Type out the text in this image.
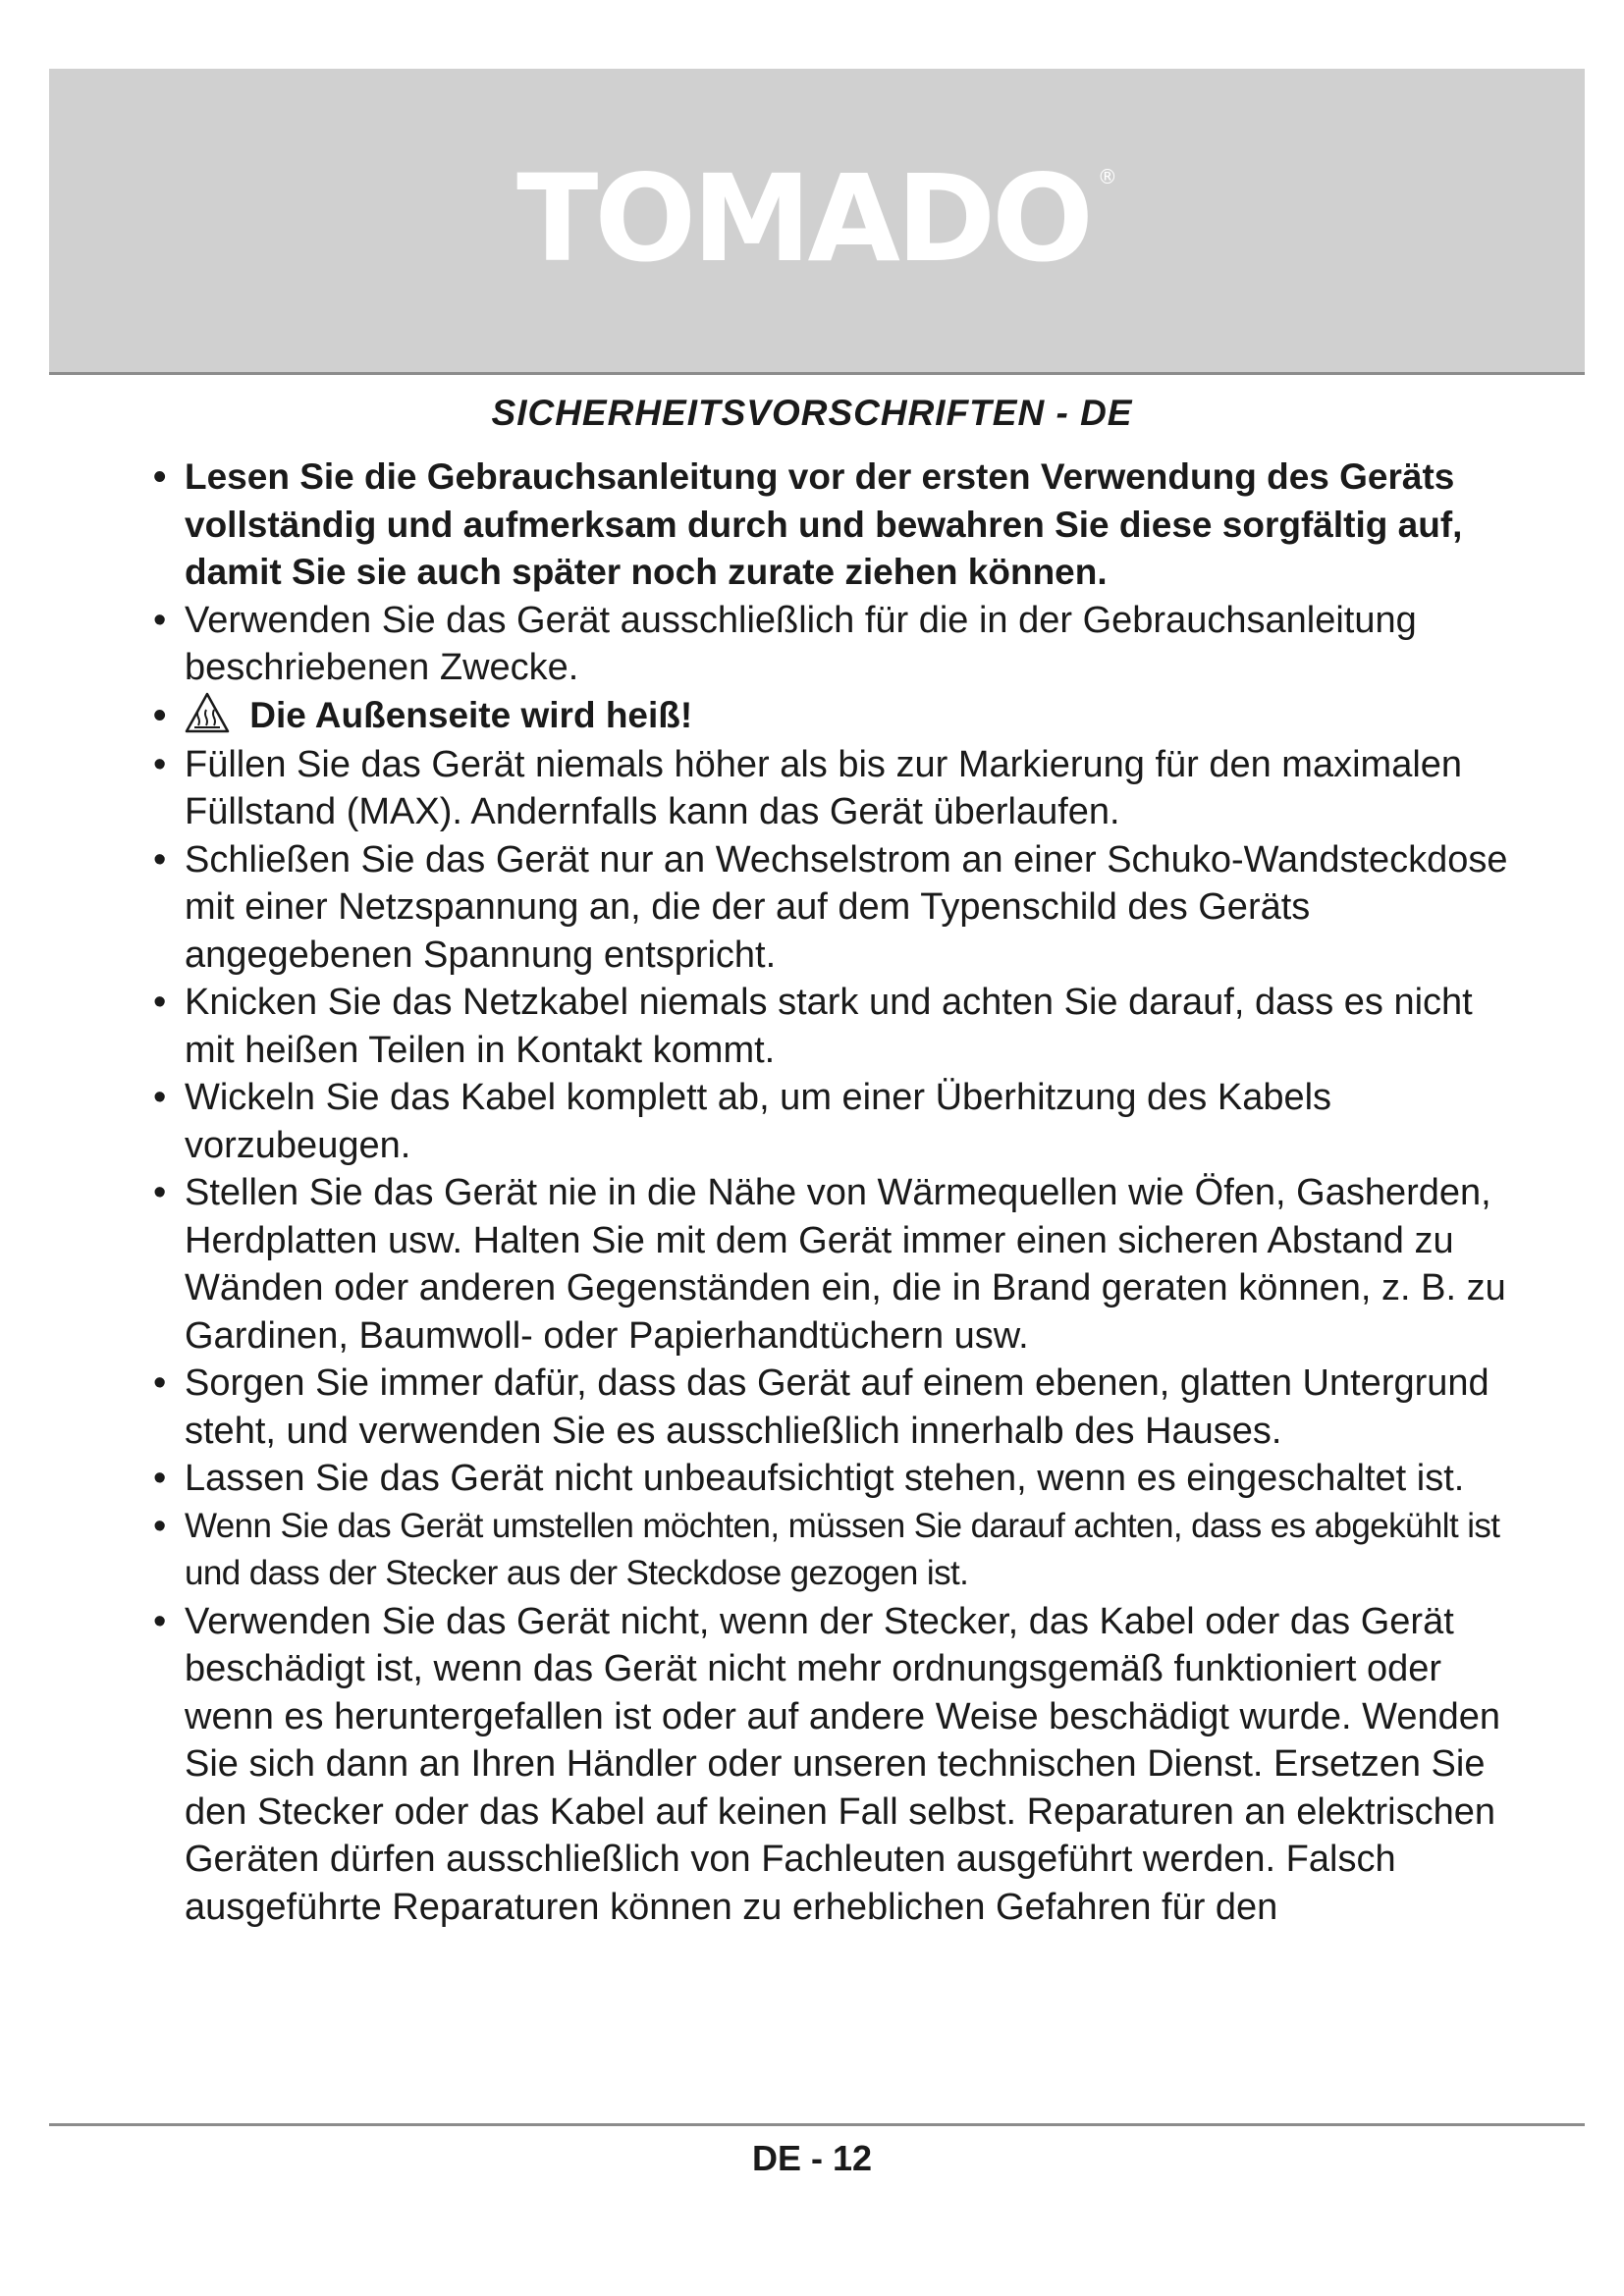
TOMADO ®
SICHERHEITSVORSCHRIFTEN - DE
• Lesen Sie die Gebrauchsanleitung vor der ersten Verwendung des Geräts vollständig und aufmerksam durch und bewahren Sie diese sorgfältig auf, damit Sie sie auch später noch zurate ziehen können.
• Verwenden Sie das Gerät ausschließlich für die in der Gebrauchsanleitung beschriebenen Zwecke.
• Die Außenseite wird heiß!
• Füllen Sie das Gerät niemals höher als bis zur Markierung für den maximalen Füllstand (MAX). Andernfalls kann das Gerät überlaufen.
• Schließen Sie das Gerät nur an Wechselstrom an einer Schuko-Wandsteckdose mit einer Netzspannung an, die der auf dem Typenschild des Geräts angegebenen Spannung entspricht.
• Knicken Sie das Netzkabel niemals stark und achten Sie darauf, dass es nicht mit heißen Teilen in Kontakt kommt.
• Wickeln Sie das Kabel komplett ab, um einer Überhitzung des Kabels vorzubeugen.
• Stellen Sie das Gerät nie in die Nähe von Wärmequellen wie Öfen, Gasherden, Herdplatten usw. Halten Sie mit dem Gerät immer einen sicheren Abstand zu Wänden oder anderen Gegenständen ein, die in Brand geraten können, z. B. zu Gardinen, Baumwoll- oder Papierhandtüchern usw.
• Sorgen Sie immer dafür, dass das Gerät auf einem ebenen, glatten Untergrund steht, und verwenden Sie es ausschließlich innerhalb des Hauses.
• Lassen Sie das Gerät nicht unbeaufsichtigt stehen, wenn es eingeschaltet ist.
• Wenn Sie das Gerät umstellen möchten, müssen Sie darauf achten, dass es abgekühlt ist und dass der Stecker aus der Steckdose gezogen ist.
• Verwenden Sie das Gerät nicht, wenn der Stecker, das Kabel oder das Gerät beschädigt ist, wenn das Gerät nicht mehr ordnungsgemäß funktioniert oder wenn es heruntergefallen ist oder auf andere Weise beschädigt wurde. Wenden Sie sich dann an Ihren Händler oder unseren technischen Dienst. Ersetzen Sie den Stecker oder das Kabel auf keinen Fall selbst. Reparaturen an elektrischen Geräten dürfen ausschließlich von Fachleuten ausgeführt werden. Falsch ausgeführte Reparaturen können zu erheblichen Gefahren für den
DE - 12
